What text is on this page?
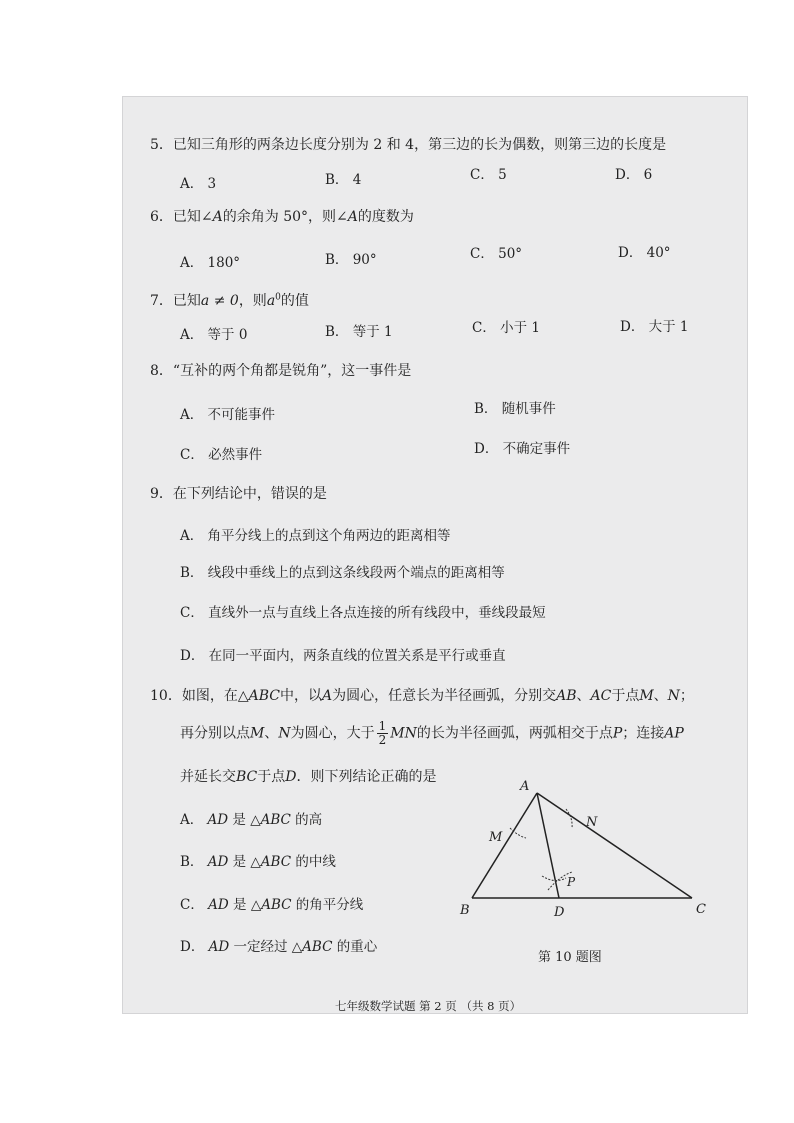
5．已知三角形的两条边长度分别为 2 和 4，第三边的长为偶数，则第三边的长度是
A． 3	B． 4	C． 5	D． 6
6．已知∠A的余角为 50°，则∠A的度数为
A． 180°	B． 90°	C． 50°	D． 40°
7．已知a ≠ 0，则$a^0$的值
A． 等于 0	B． 等于 1	C． 小于 1	D． 大于 1
8．“互补的两个角都是锐角”，这一事件是
A． 不可能事件	B． 随机事件
C． 必然事件	D． 不确定事件
9．在下列结论中，错误的是
A． 角平分线上的点到这个角两边的距离相等
B． 线段中垂线上的点到这条线段两个端点的距离相等
C． 直线外一点与直线上各点连接的所有线段中，垂线段最短
D． 在同一平面内，两条直线的位置关系是平行或垂直
10．如图，在△ABC中，以A为圆心，任意长为半径画弧，分别交AB、AC于点M、N；
再分别以点M、N为圆心，大于 $\frac{1}{2}$ MN的长为半径画弧，两弧相交于点P；连接AP
并延长交BC于点D．则下列结论正确的是
A． AD 是 △ABC 的高
B． AD 是 △ABC 的中线
C． AD 是 △ABC 的角平分线
D． AD 一定经过 △ABC 的重心
A
B	C
D
M
N
P
第 10 题图
七年级数学试题 第 2 页 （共 8 页）
